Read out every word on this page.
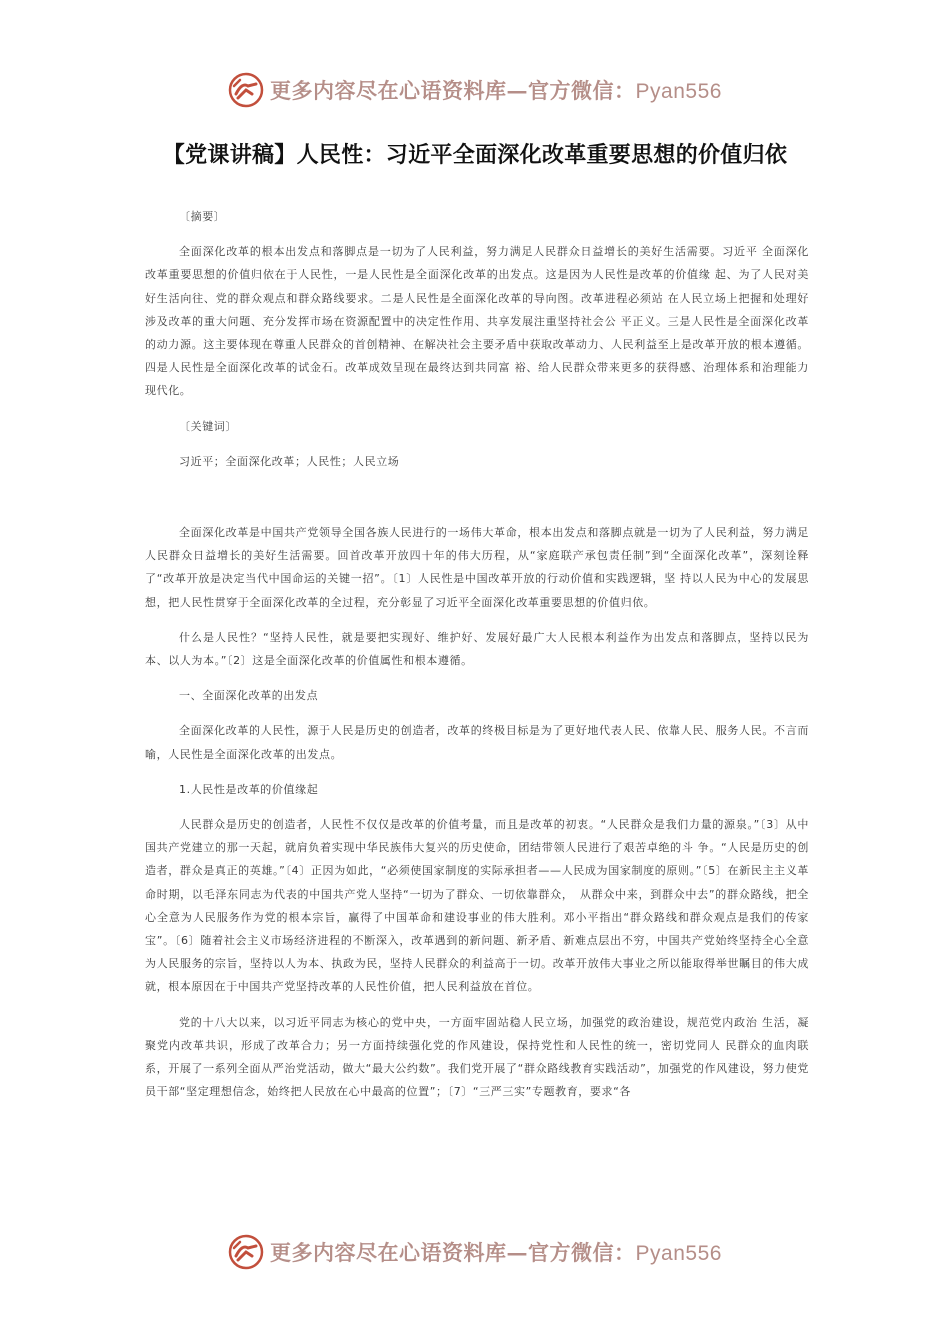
更多内容尽在心语资料库—官方微信：Pyan556
【党课讲稿】人民性：习近平全面深化改革重要思想的价值归依

〔摘要〕

全面深化改革的根本出发点和落脚点是一切为了人民利益，努力满足人民群众日益增长的美好生活需要。习近平 全面深化改革重要思想的价值归依在于人民性，一是人民性是全面深化改革的出发点。这是因为人民性是改革的价值缘 起、为了人民对美好生活向往、党的群众观点和群众路线要求。二是人民性是全面深化改革的导向图。改革进程必须站 在人民立场上把握和处理好涉及改革的重大问题、充分发挥市场在资源配置中的决定性作用、共享发展注重坚持社会公 平正义。三是人民性是全面深化改革的动力源。这主要体现在尊重人民群众的首创精神、在解决社会主要矛盾中获取改革动力、人民利益至上是改革开放的根本遵循。四是人民性是全面深化改革的试金石。改革成效呈现在最终达到共同富 裕、给人民群众带来更多的获得感、治理体系和治理能力现代化。

〔关键词〕

习近平；全面深化改革；人民性；人民立场

全面深化改革是中国共产党领导全国各族人民进行的一场伟大革命，根本出发点和落脚点就是一切为了人民利益，努力满足人民群众日益增长的美好生活需要。回首改革开放四十年的伟大历程，从“家庭联产承包责任制”到“全面深化改革”，深刻诠释了“改革开放是决定当代中国命运的关键一招”。〔1〕人民性是中国改革开放的行动价值和实践逻辑，坚 持以人民为中心的发展思想，把人民性贯穿于全面深化改革的全过程，充分彰显了习近平全面深化改革重要思想的价值归依。

什么是人民性？“坚持人民性，就是要把实现好、维护好、发展好最广大人民根本利益作为出发点和落脚点，坚持以民为本、以人为本。”〔2〕这是全面深化改革的价值属性和根本遵循。

一、全面深化改革的出发点

全面深化改革的人民性，源于人民是历史的创造者，改革的终极目标是为了更好地代表人民、依靠人民、服务人民。不言而喻，人民性是全面深化改革的出发点。

1.人民性是改革的价值缘起

人民群众是历史的创造者，人民性不仅仅是改革的价值考量，而且是改革的初衷。“人民群众是我们力量的源泉。”〔3〕从中国共产党建立的那一天起，就肩负着实现中华民族伟大复兴的历史使命，团结带领人民进行了艰苦卓绝的斗 争。“人民是历史的创造者，群众是真正的英雄。”〔4〕正因为如此，“必须使国家制度的实际承担者——人民成为国家制度的原则。”〔5〕在新民主主义革命时期，以毛泽东同志为代表的中国共产党人坚持“一切为了群众、一切依靠群众，　从群众中来，到群众中去”的群众路线，把全心全意为人民服务作为党的根本宗旨，赢得了中国革命和建设事业的伟大胜利。邓小平指出“群众路线和群众观点是我们的传家宝”。〔6〕随着社会主义市场经济进程的不断深入，改革遇到的新问题、新矛盾、新难点层出不穷，中国共产党始终坚持全心全意为人民服务的宗旨，坚持以人为本、执政为民，坚持人民群众的利益高于一切。改革开放伟大事业之所以能取得举世瞩目的伟大成就，根本原因在于中国共产党坚持改革的人民性价值，把人民利益放在首位。

党的十八大以来，以习近平同志为核心的党中央，一方面牢固站稳人民立场，加强党的政治建设，规范党内政治 生活，凝聚党内改革共识，形成了改革合力；另一方面持续强化党的作风建设，保持党性和人民性的统一，密切党同人 民群众的血肉联系，开展了一系列全面从严治党活动，做大“最大公约数”。我们党开展了“群众路线教育实践活动”，加强党的作风建设，努力使党员干部“坚定理想信念，始终把人民放在心中最高的位置”；〔7〕“三严三实”专题教育，要求“各

更多内容尽在心语资料库—官方微信：Pyan556
